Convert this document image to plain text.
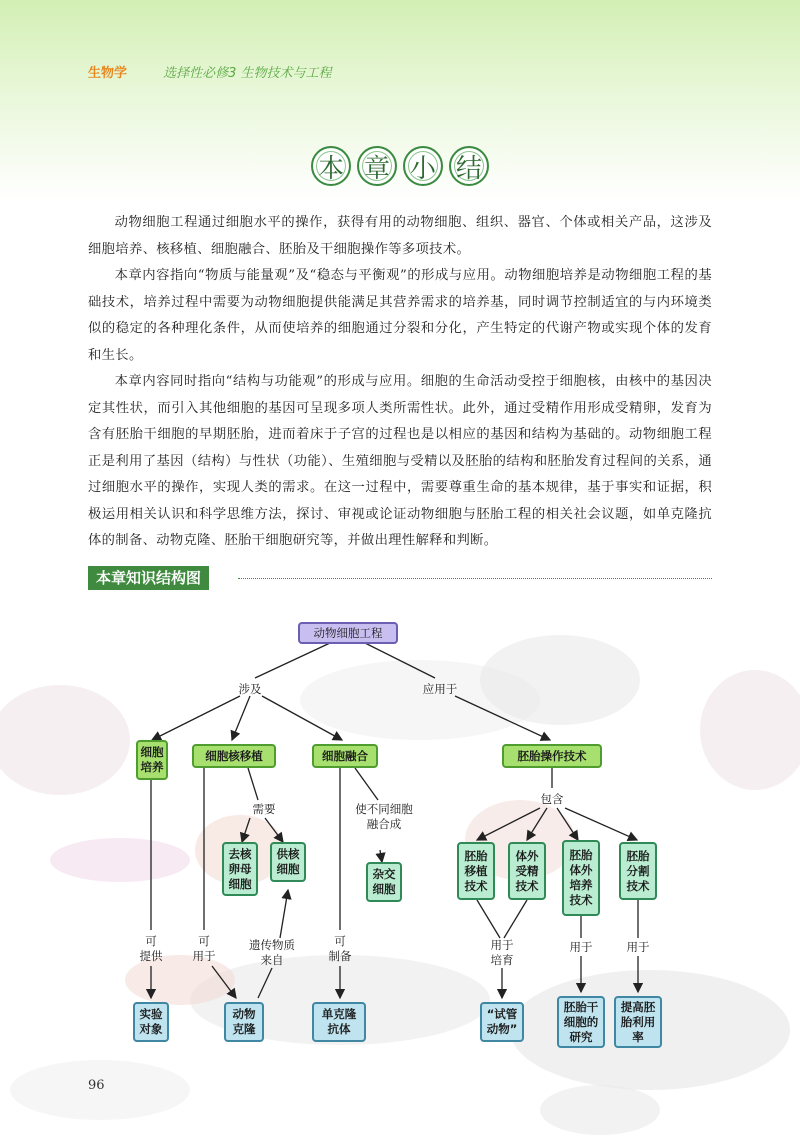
生物学	选择性必修3 生物技术与工程
本 章 小 结

动物细胞工程通过细胞水平的操作，获得有用的动物细胞、组织、器官、个体或相关产品，这涉及细胞培养、核移植、细胞融合、胚胎及干细胞操作等多项技术。

本章内容指向“物质与能量观”及“稳态与平衡观”的形成与应用。动物细胞培养是动物细胞工程的基础技术，培养过程中需要为动物细胞提供能满足其营养需求的培养基，同时调节控制适宜的与内环境类似的稳定的各种理化条件，从而使培养的细胞通过分裂和分化，产生特定的代谢产物或实现个体的发育和生长。

本章内容同时指向“结构与功能观”的形成与应用。细胞的生命活动受控于细胞核，由核中的基因决定其性状，而引入其他细胞的基因可呈现多项人类所需性状。此外，通过受精作用形成受精卵，发育为含有胚胎干细胞的早期胚胎，进而着床于子宫的过程也是以相应的基因和结构为基础的。动物细胞工程正是利用了基因（结构）与性状（功能）、生殖细胞与受精以及胚胎的结构和胚胎发育过程间的关系，通过细胞水平的操作，实现人类的需求。在这一过程中，需要尊重生命的基本规律，基于事实和证据，积极运用相关认识和科学思维方法，探讨、审视或论证动物细胞与胚胎工程的相关社会议题，如单克隆抗体的制备、动物克隆、胚胎干细胞研究等，并做出理性解释和判断。

本章知识结构图
动物细胞工程
涉及	应用于
细胞
培养
细胞核移植	细胞融合	胚胎操作技术
需要	使不同细胞
融合成
包含
去核
卵母
细胞
供核
细胞	杂交
细胞
胚胎
移植
技术
体外
受精
技术
胚胎
体外
培养
技术
胚胎
分割
技术
可
提供
可
用于
遗传物质
来自
可
制备
用于
培育
用于	用于
实验
对象
动物
克隆
单克隆
抗体
“试管
动物”
胚胎干
细胞的
研究
提高胚
胎利用
率
96
